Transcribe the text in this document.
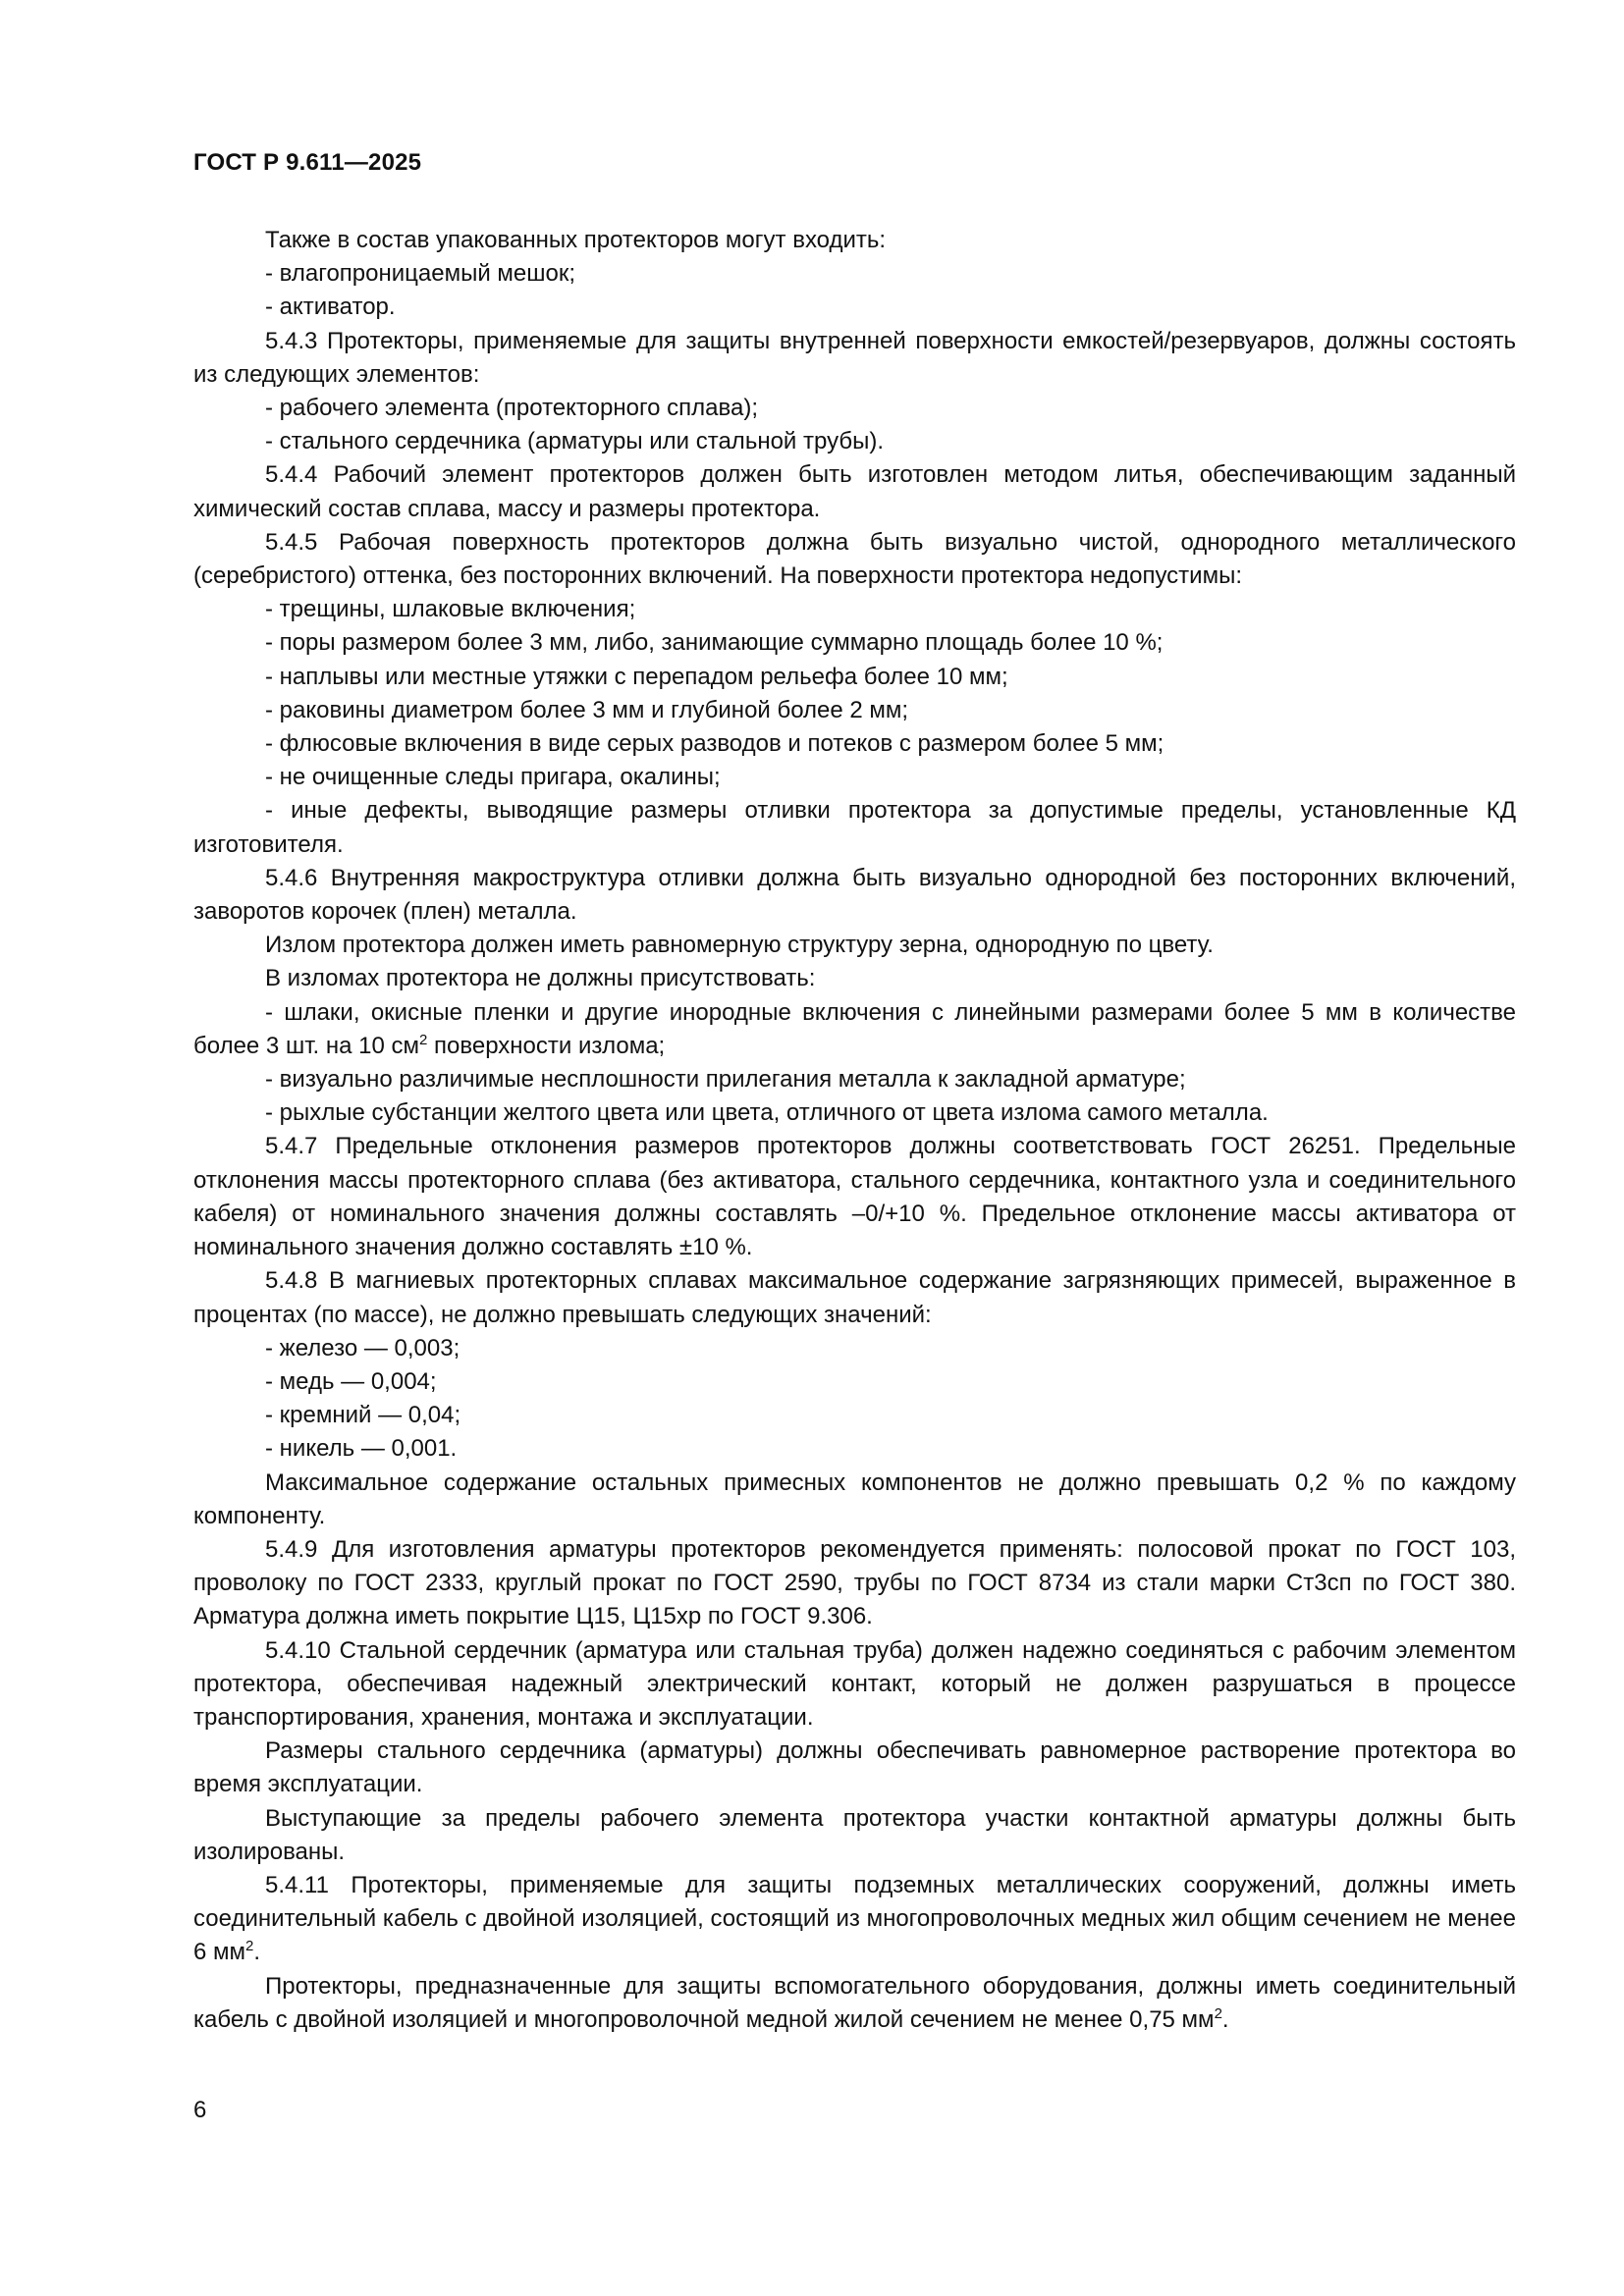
ГОСТ Р 9.611—2025

Также в состав упакованных протекторов могут входить:

- влагопроницаемый мешок;

- активатор.

5.4.3 Протекторы, применяемые для защиты внутренней поверхности емкостей/резервуаров, должны состоять из следующих элементов:

- рабочего элемента (протекторного сплава);

- стального сердечника (арматуры или стальной трубы).

5.4.4 Рабочий элемент протекторов должен быть изготовлен методом литья, обеспечивающим заданный химический состав сплава, массу и размеры протектора.

5.4.5 Рабочая поверхность протекторов должна быть визуально чистой, однородного металлического (серебристого) оттенка, без посторонних включений. На поверхности протектора недопустимы:

- трещины, шлаковые включения;

- поры размером более 3 мм, либо, занимающие суммарно площадь более 10 %;

- наплывы или местные утяжки с перепадом рельефа более 10 мм;

- раковины диаметром более 3 мм и глубиной более 2 мм;

- флюсовые включения в виде серых разводов и потеков с размером более 5 мм;

- не очищенные следы пригара, окалины;

- иные дефекты, выводящие размеры отливки протектора за допустимые пределы, установленные КД изготовителя.

5.4.6 Внутренняя макроструктура отливки должна быть визуально однородной без посторонних включений, заворотов корочек (плен) металла.

Излом протектора должен иметь равномерную структуру зерна, однородную по цвету.

В изломах протектора не должны присутствовать:

- шлаки, окисные пленки и другие инородные включения с линейными размерами более 5 мм в количестве более 3 шт. на 10 $см^2$ поверхности излома;

- визуально различимые несплошности прилегания металла к закладной арматуре;

- рыхлые субстанции желтого цвета или цвета, отличного от цвета излома самого металла.

5.4.7 Предельные отклонения размеров протекторов должны соответствовать ГОСТ 26251. Предельные отклонения массы протекторного сплава (без активатора, стального сердечника, контактного узла и соединительного кабеля) от номинального значения должны составлять –0/+10 %. Предельное отклонение массы активатора от номинального значения должно составлять ±10 %.

5.4.8 В магниевых протекторных сплавах максимальное содержание загрязняющих примесей, выраженное в процентах (по массе), не должно превышать следующих значений:

- железо — 0,003;

- медь — 0,004;

- кремний — 0,04;

- никель — 0,001.

Максимальное содержание остальных примесных компонентов не должно превышать 0,2 % по каждому компоненту.

5.4.9 Для изготовления арматуры протекторов рекомендуется применять: полосовой прокат по ГОСТ 103, проволоку по ГОСТ 2333, круглый прокат по ГОСТ 2590, трубы по ГОСТ 8734 из стали марки Ст3сп по ГОСТ 380. Арматура должна иметь покрытие Ц15, Ц15хр по ГОСТ 9.306.

5.4.10 Стальной сердечник (арматура или стальная труба) должен надежно соединяться с рабочим элементом протектора, обеспечивая надежный электрический контакт, который не должен разрушаться в процессе транспортирования, хранения, монтажа и эксплуатации.

Размеры стального сердечника (арматуры) должны обеспечивать равномерное растворение протектора во время эксплуатации.

Выступающие за пределы рабочего элемента протектора участки контактной арматуры должны быть изолированы.

5.4.11 Протекторы, применяемые для защиты подземных металлических сооружений, должны иметь соединительный кабель с двойной изоляцией, состоящий из многопроволочных медных жил общим сечением не менее 6 $мм^2$.

Протекторы, предназначенные для защиты вспомогательного оборудования, должны иметь соединительный кабель с двойной изоляцией и многопроволочной медной жилой сечением не менее 0,75 $мм^2$.

6
